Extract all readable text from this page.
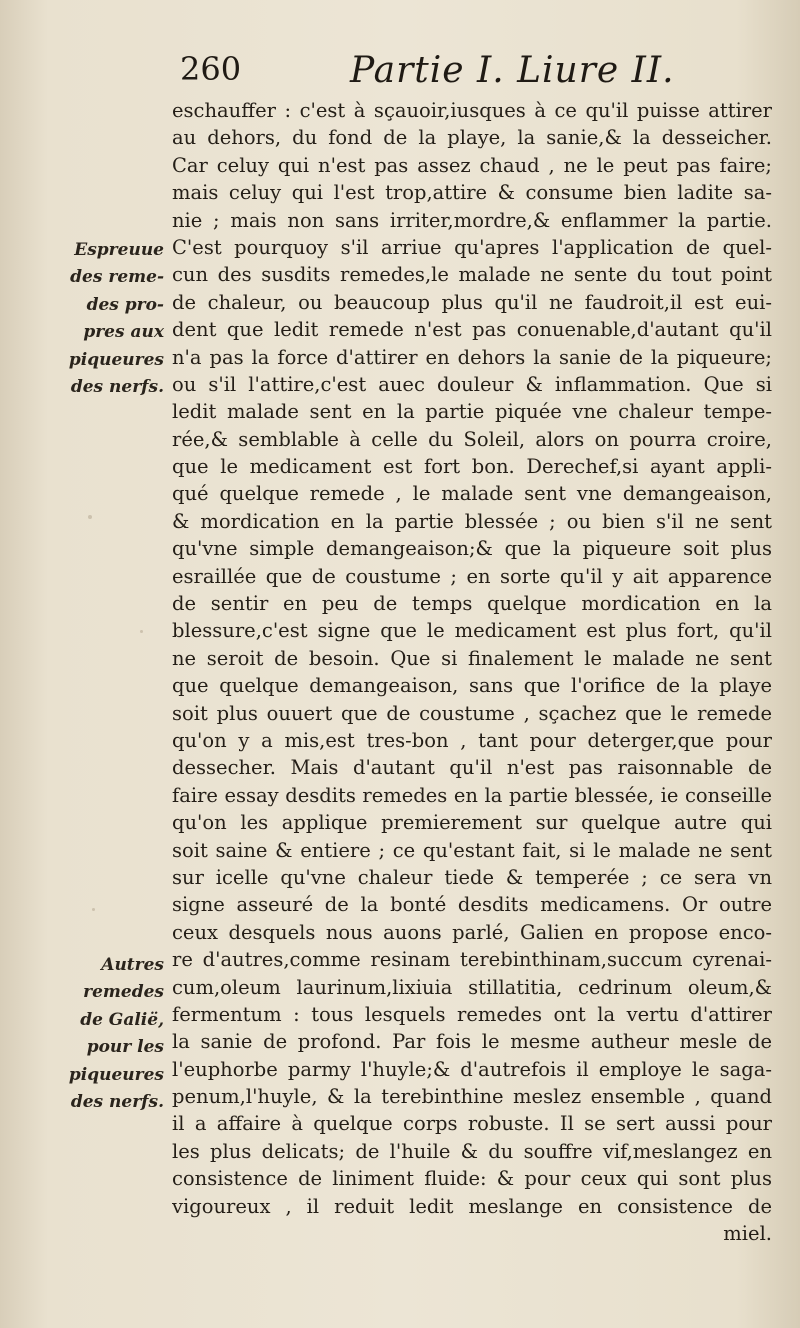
260	Partie I. Liure II.
Espreuue
des reme-
des pro-
pres aux
piqueures
des nerfs.
Autres
remedes
de Galië,
pour les
piqueures
des nerfs.
eschauffer : c'est à sçauoir,iusques à ce qu'il puisse attirer
au dehors, du fond de la playe, la sanie,& la desseicher.
Car celuy qui n'est pas assez chaud , ne le peut pas faire;
mais celuy qui l'est trop,attire & consume bien ladite sa-
nie ; mais non sans irriter,mordre,& enflammer la partie.
C'est pourquoy s'il arriue qu'apres l'application de quel-
cun des susdits remedes,le malade ne sente du tout point
de chaleur, ou beaucoup plus qu'il ne faudroit,il est eui-
dent que ledit remede n'est pas conuenable,d'autant qu'il
n'a pas la force d'attirer en dehors la sanie de la piqueure;
ou s'il l'attire,c'est auec douleur & inflammation. Que si
ledit malade sent en la partie piquée vne chaleur tempe-
rée,& semblable à celle du Soleil, alors on pourra croire,
que le medicament est fort bon. Derechef,si ayant appli-
qué quelque remede , le malade sent vne demangeaison,
& mordication en la partie blessée ; ou bien s'il ne sent
qu'vne simple demangeaison;& que la piqueure soit plus
esraillée que de coustume ; en sorte qu'il y ait apparence
de sentir en peu de temps quelque mordication en la
blessure,c'est signe que le medicament est plus fort, qu'il
ne seroit de besoin. Que si finalement le malade ne sent
que quelque demangeaison, sans que l'orifice de la playe
soit plus ouuert que de coustume , sçachez que le remede
qu'on y a mis,est tres-bon , tant pour deterger,que pour
dessecher. Mais d'autant qu'il n'est pas raisonnable de
faire essay desdits remedes en la partie blessée, ie conseille
qu'on les applique premierement sur quelque autre qui
soit saine & entiere ; ce qu'estant fait, si le malade ne sent
sur icelle qu'vne chaleur tiede & temperée ; ce sera vn
signe asseuré de la bonté desdits medicamens. Or outre
ceux desquels nous auons parlé, Galien en propose enco-
re d'autres,comme resinam terebinthinam,succum cyrenai-
cum,oleum laurinum,lixiuia stillatitia, cedrinum oleum,&
fermentum : tous lesquels remedes ont la vertu d'attirer
la sanie de profond. Par fois le mesme autheur mesle de
l'euphorbe parmy l'huyle;& d'autrefois il employe le saga-
penum,l'huyle, & la terebinthine meslez ensemble , quand
il a affaire à quelque corps robuste. Il se sert aussi pour
les plus delicats; de l'huile & du souffre vif,meslangez en
consistence de liniment fluide: & pour ceux qui sont plus
vigoureux , il reduit ledit meslange en consistence de
miel.
